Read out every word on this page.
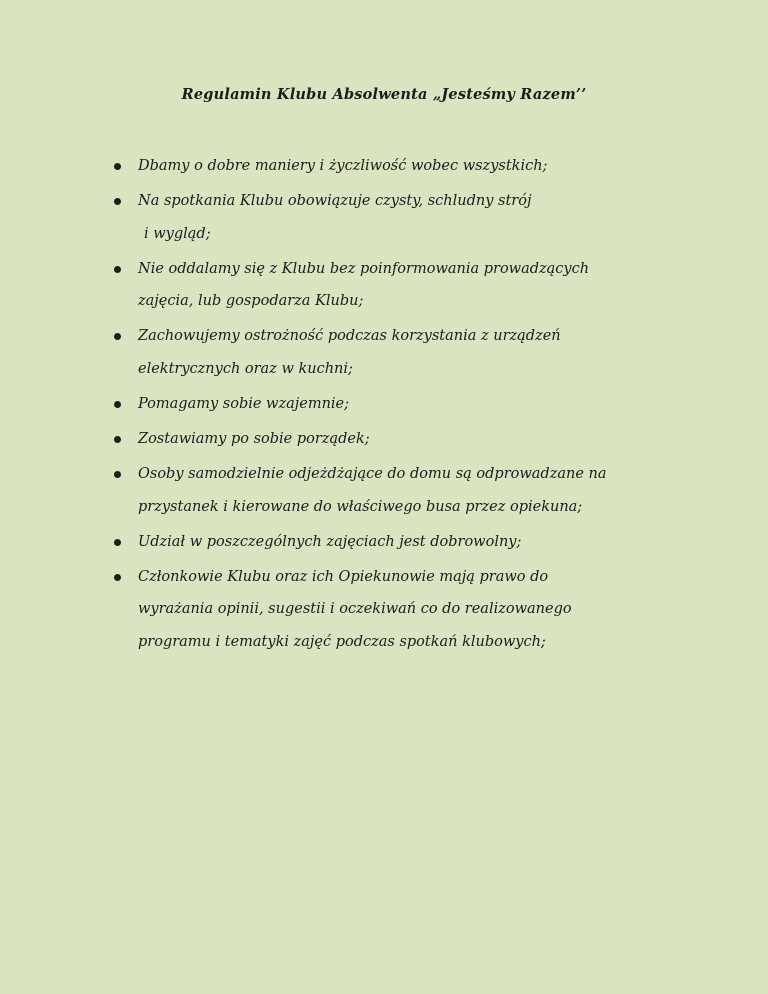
Regulamin Klubu Absolwenta „Jesteśmy Razem’’
Dbamy o dobre maniery i życzliwość wobec wszystkich;
Na spotkania Klubu obowiązuje czysty, schludny strój
i wygląd;
Nie oddalamy się z Klubu bez poinformowania prowadzących
zajęcia, lub gospodarza Klubu;
Zachowujemy ostrożność podczas korzystania z urządzeń
elektrycznych oraz w kuchni;
Pomagamy sobie wzajemnie;
Zostawiamy po sobie porządek;
Osoby samodzielnie odjeżdżające do domu są odprowadzane na
przystanek i kierowane do właściwego busa przez opiekuna;
Udział w poszczególnych zajęciach jest dobrowolny;
Członkowie Klubu oraz ich Opiekunowie mają prawo do
wyrażania opinii, sugestii i oczekiwań co do realizowanego
programu i tematyki zajęć podczas spotkań klubowych;
